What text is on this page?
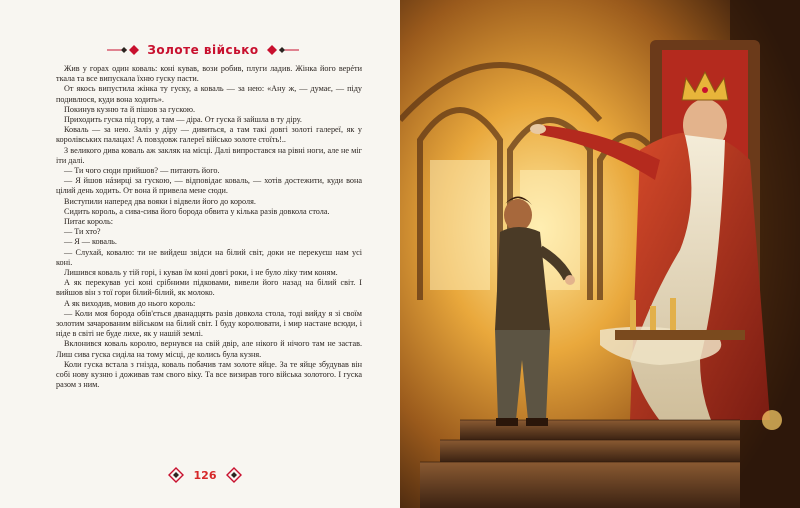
Золоте військо

Жив у горах один коваль: коні кував, вози робив, плуги ладив. Жінка його верéти ткала та все випускала їхню гуску пасти.

От якось випустила жінка ту гуску, а коваль — за нею: «Ану ж, — думає, — піду подивлюся, куди вона ходить».

Покинув кузню та й пішов за гускою.

Приходить гуска під гору, а там — діра. От гуска й зайшла в ту діру.

Коваль — за нею. Заліз у діру — дивиться, а там такі довгі золоті галереї, як у королівських палацах! А повздовж галереї військо золоте стоїть!..

З великого дива коваль аж закляк на місці. Далі випростався на рівні ноги, але не міг іти далі.

— Ти чого сюди прийшов? — питають його.

— Я йшов нáзирці за гускою, — відповідає коваль, — хотів достежити, куди вона цілий день ходить. От вона й привела мене сюди.

Виступили наперед два вояки і відвели його до короля.

Сидить король, а сива-сива його борода обвита у кілька разів довкола стола.

Питає король:

— Ти хто?

— Я — коваль.

— Слухай, ковалю: ти не вийдеш звідси на білий світ, доки не перекуєш нам усі коні.

Лишився коваль у тій горі, і кував їм коні довгі роки, і не було ліку тим коням.

А як перекував усі коні срібними підковами, вивели його назад на білий світ. І вийшов він з тої гори білий-білий, як молоко.

А як виходив, мовив до нього король:

— Коли моя борода обів'ється дванадцять разів довкола стола, тоді вийду я зі своїм золотим зачарованим військом на білий світ. І буду королювати, і мир настане всюди, і ніде в світі не буде лихе, як у нашій землі.

Вклонився коваль королю, вернувся на свій двір, але нікого й нічого там не застав. Лиш сива гуска сиділа на тому місці, де колись була кузня.

Коли гуска встала з гнізда, коваль побачив там золоте яйце. За те яйце збудував він собі нову кузню і доживав там свого віку. Та все визирав того війська золотого. І гуска разом з ним.

126
